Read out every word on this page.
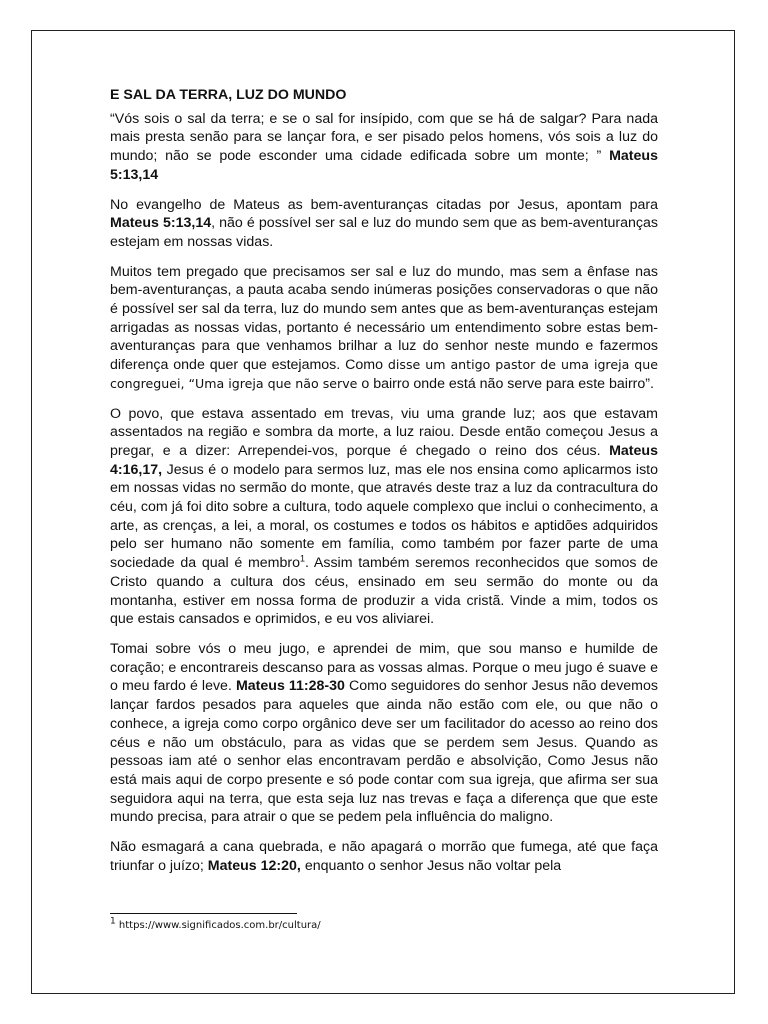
E SAL DA TERRA, LUZ DO MUNDO

“Vós sois o sal da terra; e se o sal for insípido, com que se há de salgar? Para nada mais presta senão para se lançar fora, e ser pisado pelos homens, vós sois a luz do mundo; não se pode esconder uma cidade edificada sobre um monte; ” Mateus 5:13,14

No evangelho de Mateus as bem-aventuranças citadas por Jesus, apontam para Mateus 5:13,14, não é possível ser sal e luz do mundo sem que as bem-aventuranças estejam em nossas vidas.

Muitos tem pregado que precisamos ser sal e luz do mundo, mas sem a ênfase nas bem-aventuranças, a pauta acaba sendo inúmeras posições conservadoras o que não é possível ser sal da terra, luz do mundo sem antes que as bem-aventuranças estejam arrigadas as nossas vidas, portanto é necessário um entendimento sobre estas bem-aventuranças para que venhamos brilhar a luz do senhor neste mundo e fazermos diferença onde quer que estejamos. Como disse um antigo pastor de uma igreja que congreguei, “Uma igreja que não serve o bairro onde está não serve para este bairro”.

O povo, que estava assentado em trevas, viu uma grande luz; aos que estavam assentados na região e sombra da morte, a luz raiou. Desde então começou Jesus a pregar, e a dizer: Arrependei-vos, porque é chegado o reino dos céus. Mateus 4:16,17, Jesus é o modelo para sermos luz, mas ele nos ensina como aplicarmos isto em nossas vidas no sermão do monte, que através deste traz a luz da contracultura do céu, com já foi dito sobre a cultura, todo aquele complexo que inclui o conhecimento, a arte, as crenças, a lei, a moral, os costumes e todos os hábitos e aptidões adquiridos pelo ser humano não somente em família, como também por fazer parte de uma sociedade da qual é membro$^1$. Assim também seremos reconhecidos que somos de Cristo quando a cultura dos céus, ensinado em seu sermão do monte ou da montanha, estiver em nossa forma de produzir a vida cristã. Vinde a mim, todos os que estais cansados e oprimidos, e eu vos aliviarei.

Tomai sobre vós o meu jugo, e aprendei de mim, que sou manso e humilde de coração; e encontrareis descanso para as vossas almas. Porque o meu jugo é suave e o meu fardo é leve. Mateus 11:28-30 Como seguidores do senhor Jesus não devemos lançar fardos pesados para aqueles que ainda não estão com ele, ou que não o conhece, a igreja como corpo orgânico deve ser um facilitador do acesso ao reino dos céus e não um obstáculo, para as vidas que se perdem sem Jesus. Quando as pessoas iam até o senhor elas encontravam perdão e absolvição, Como Jesus não está mais aqui de corpo presente e só pode contar com sua igreja, que afirma ser sua seguidora aqui na terra, que esta seja luz nas trevas e faça a diferença que que este mundo precisa, para atrair o que se pedem pela influência do maligno.

Não esmagará a cana quebrada, e não apagará o morrão que fumega, até que faça triunfar o juízo; Mateus 12:20, enquanto o senhor Jesus não voltar pela

$^1$ https://www.significados.com.br/cultura/
